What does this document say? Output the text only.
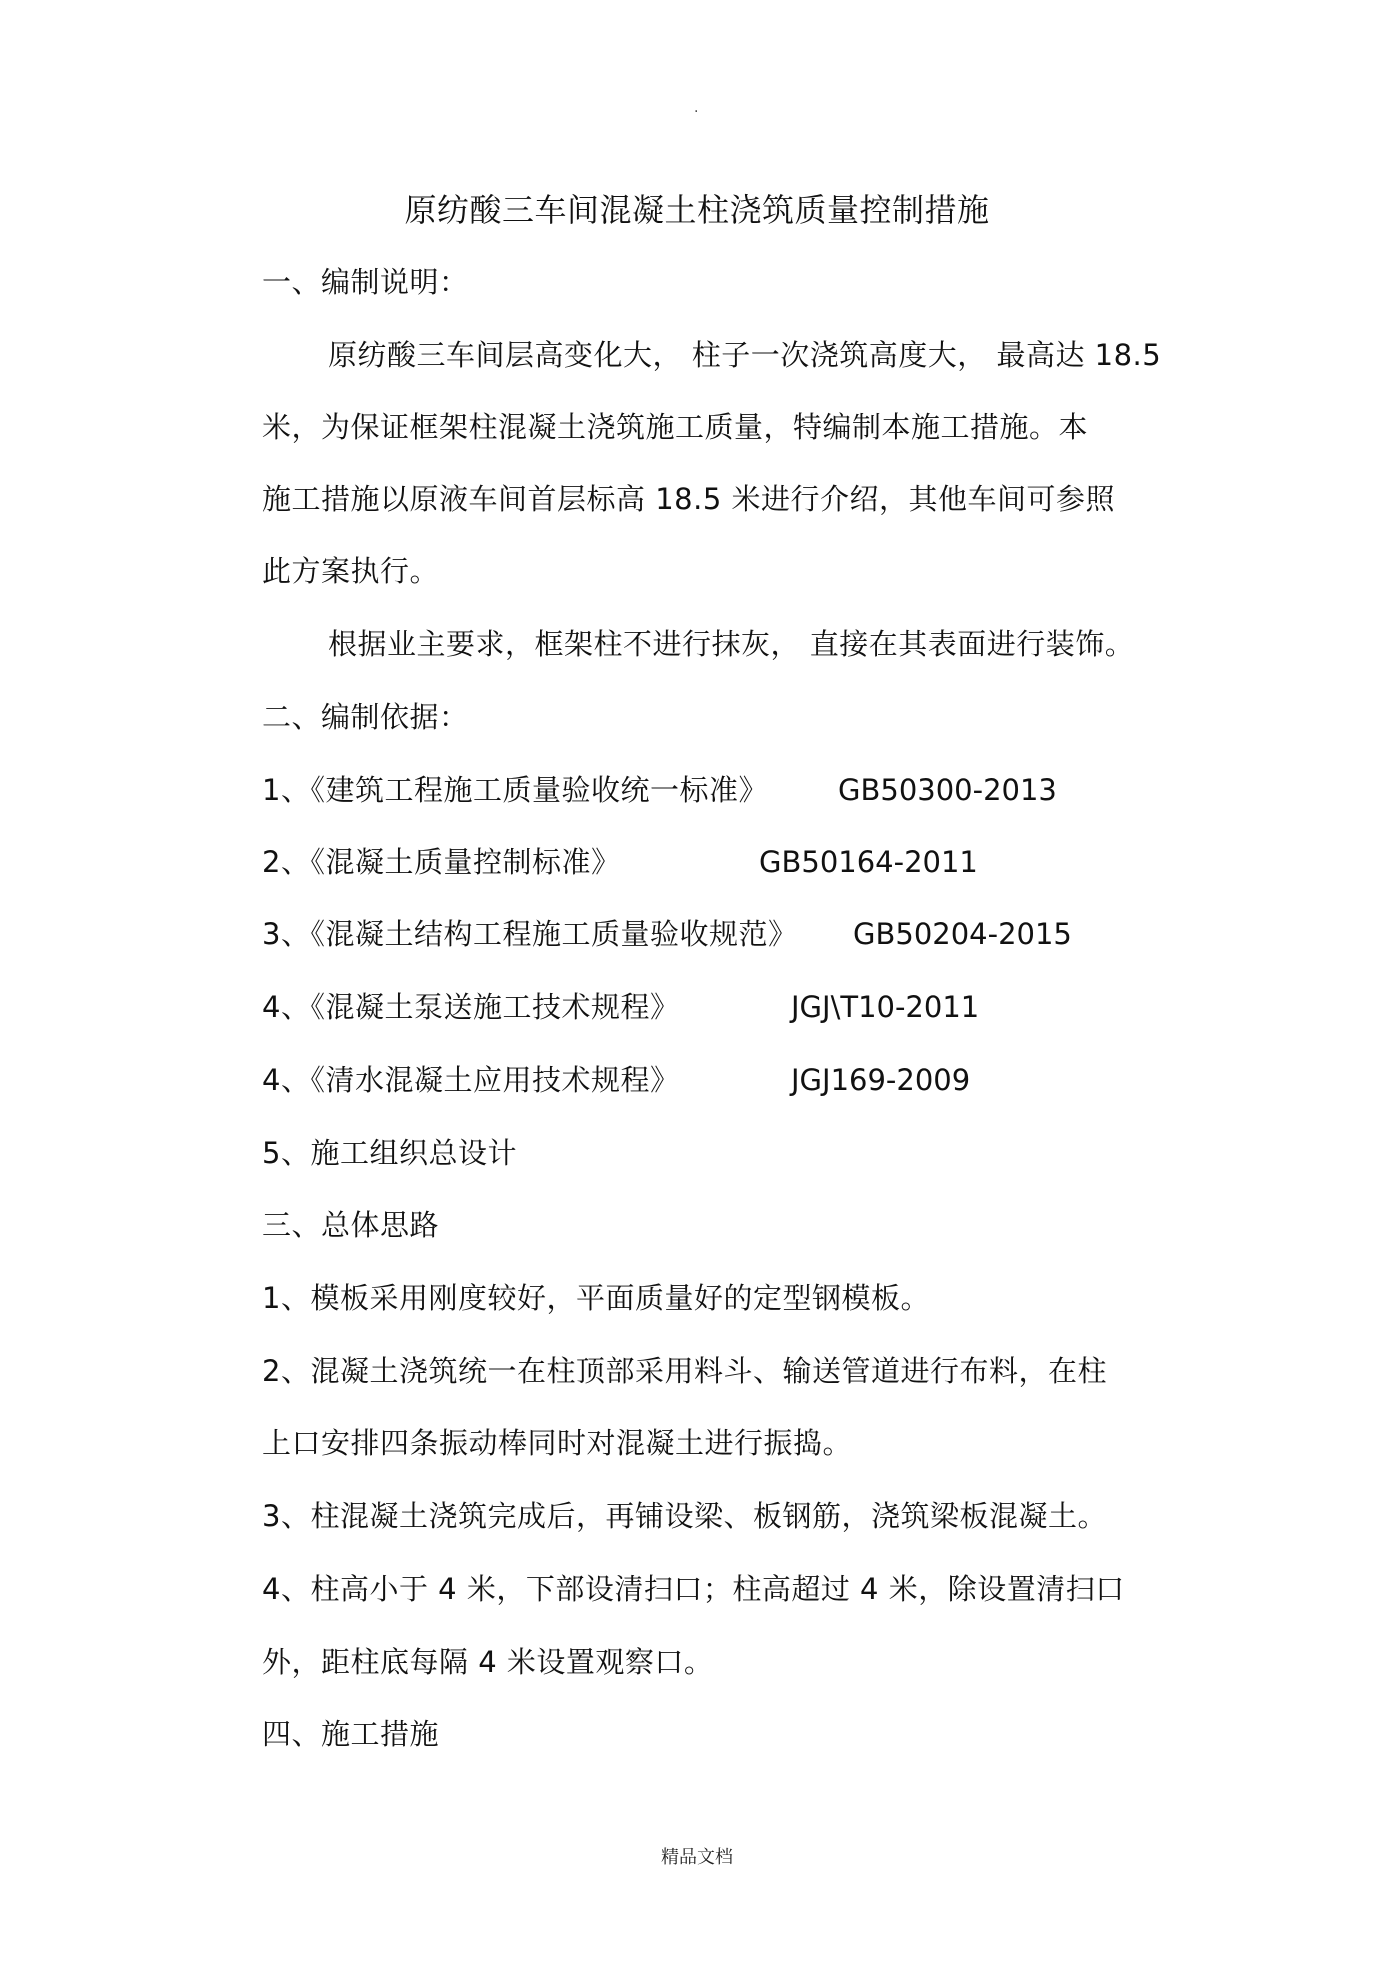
.
原纺酸三车间混凝土柱浇筑质量控制措施
一、编制说明：
原纺酸三车间层高变化大， 柱子一次浇筑高度大， 最高达 18.5
米，为保证框架柱混凝土浇筑施工质量，特编制本施工措施。本
施工措施以原液车间首层标高 18.5 米进行介绍，其他车间可参照
此方案执行。
根据业主要求，框架柱不进行抹灰， 直接在其表面进行装饰。
二、编制依据：
1、《建筑工程施工质量验收统一标准》 GB50300-2013
2、《混凝土质量控制标准》	GB50164-2011
3、《混凝土结构工程施工质量验收规范》 GB50204-2015
4、《混凝土泵送施工技术规程》	JGJ\T10-2011
4、《清水混凝土应用技术规程》	JGJ169-2009
5、施工组织总设计
三、总体思路
1、模板采用刚度较好，平面质量好的定型钢模板。
2、混凝土浇筑统一在柱顶部采用料斗、输送管道进行布料，在柱
上口安排四条振动棒同时对混凝土进行振捣。
3、柱混凝土浇筑完成后，再铺设梁、板钢筋，浇筑梁板混凝土。
4、柱高小于 4 米，下部设清扫口；柱高超过 4 米，除设置清扫口
外，距柱底每隔 4 米设置观察口。
四、施工措施
精品文档
